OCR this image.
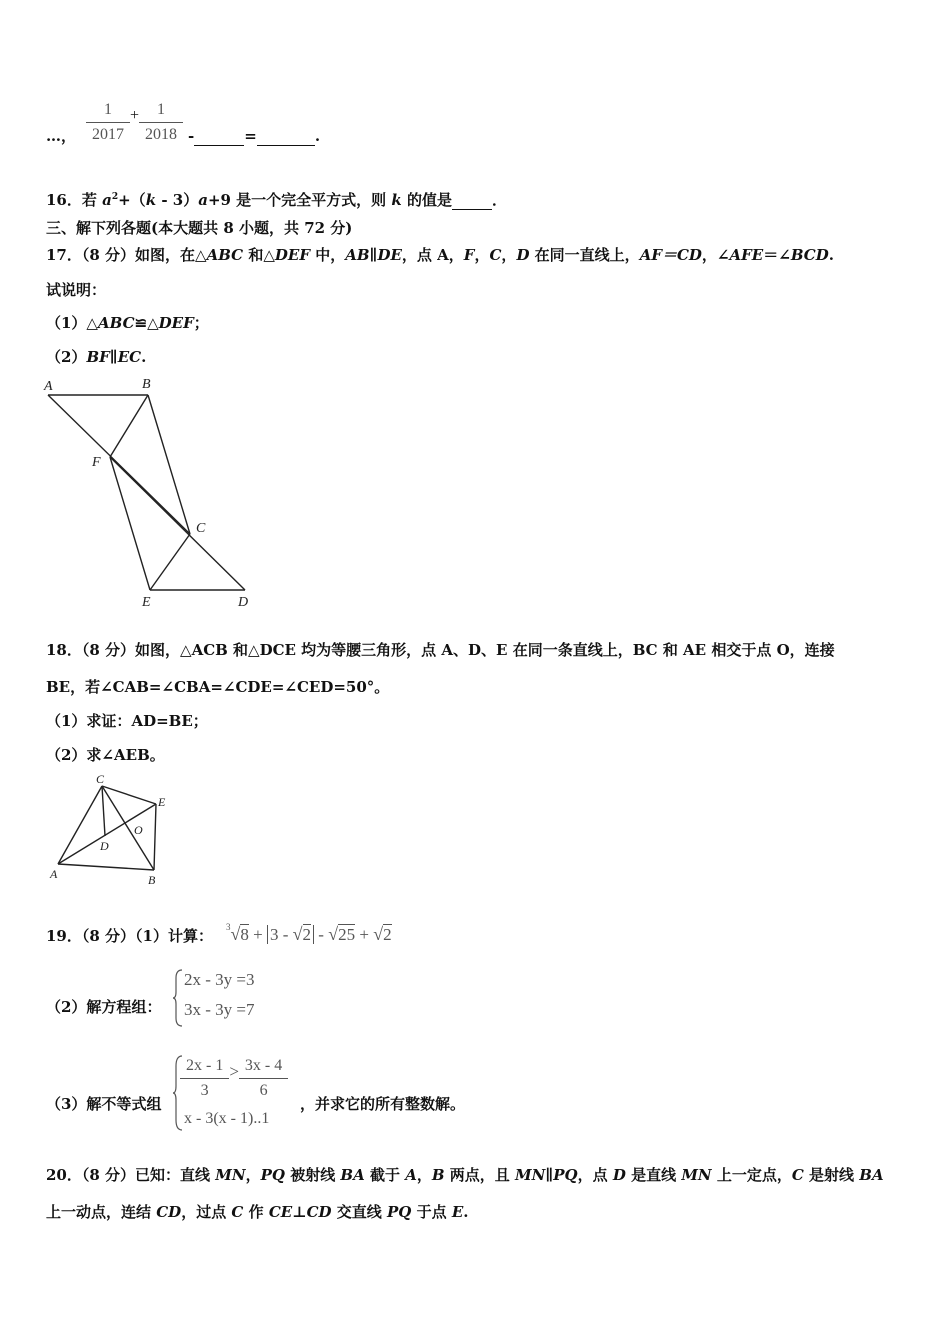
…， $\frac{1}{2017} + \frac{1}{2018}$ -	=	.
16．若 $a^2+(k - 3)a+9$ 是一个完全平方式，则 k 的值是	．
三、解下列各题(本大题共 8 小题，共 72 分)
17．（8 分）如图，在△ABC 和△DEF 中，AB∥DE，点 A，F，C，D 在同一直线上，AF＝CD，∠AFE＝∠BCD.
试说明：
（1）△ABC≌△DEF；
（2）BF∥EC.
A	B
F
C
E	D
18．（8 分）如图，△ACB 和△DCE 均为等腰三角形，点 A、D、E 在同一条直线上，BC 和 AE 相交于点 O，连接
BE，若∠CAB=∠CBA=∠CDE=∠CED=50°。
（1）求证：AD=BE；
（2）求∠AEB。
C
E
O
D
A	B
19．（8 分）（1）计算： $^3$√8 + 3 - √2 - √25 + √2
（2）解方程组：
2x - 3y =3
3x - 3y =7
（3）解不等式组
$\frac{2x - 1}{3} > \frac{3x - 4}{6}$
x - 3(x - 1)..1
，并求它的所有整数解。
20．（8 分）已知：直线 MN，PQ 被射线 BA 截于 A，B 两点，且 MN∥PQ，点 D 是直线 MN 上一定点，C 是射线 BA
上一动点，连结 CD，过点 C 作 CE⊥CD 交直线 PQ 于点 E.
